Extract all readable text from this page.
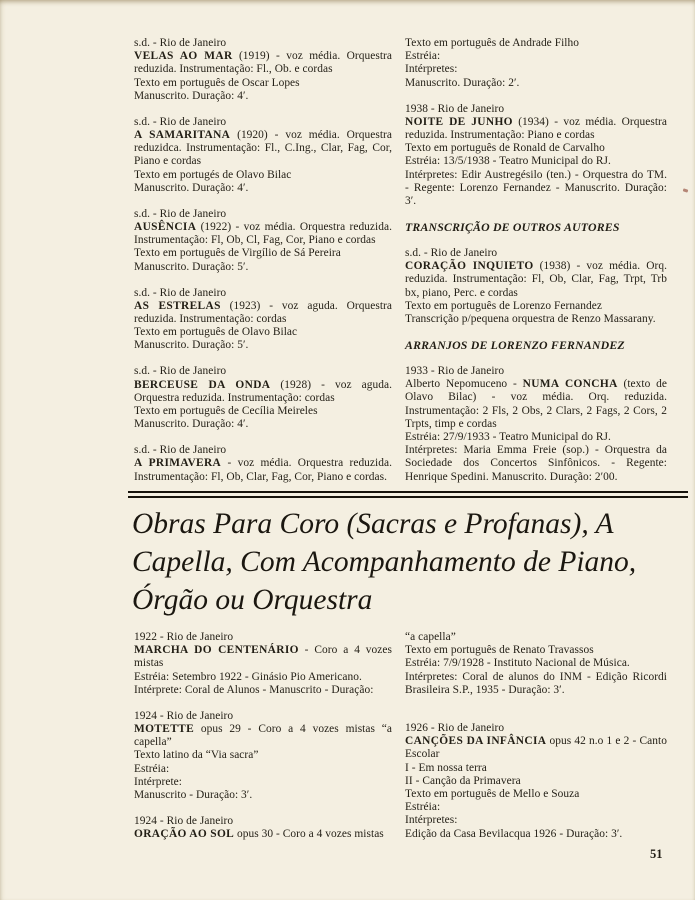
s.d. - Rio de Janeiro
VELAS AO MAR (1919) - voz média. Orquestra reduzida. Instrumentação: Fl., Ob. e cordas
Texto em português de Oscar Lopes
Manuscrito. Duração: 4′.
s.d. - Rio de Janeiro
A SAMARITANA (1920) - voz média. Orquestra reduzidca. Instrumentação: Fl., C.Ing., Clar, Fag, Cor, Piano e cordas
Texto em portugés de Olavo Bilac
Manuscrito. Duração: 4′.
s.d. - Rio de Janeiro
AUSÊNCIA (1922) - voz média. Orquestra reduzida. Instrumentação: Fl, Ob, Cl, Fag, Cor, Piano e cordas
Texto em português de Virgílio de Sá Pereira
Manuscrito. Duração: 5′.
s.d. - Rio de Janeiro
AS ESTRELAS (1923) - voz aguda. Orquestra reduzida. Instrumentação: cordas
Texto em português de Olavo Bilac
Manuscrito. Duração: 5′.
s.d. - Rio de Janeiro
BERCEUSE DA ONDA (1928) - voz aguda. Orquestra reduzida. Instrumentação: cordas
Texto em português de Cecília Meireles
Manuscrito. Duração: 4′.
s.d. - Rio de Janeiro
A PRIMAVERA - voz média. Orquestra reduzida. Instrumentação: Fl, Ob, Clar, Fag, Cor, Piano e cordas.
Texto em português de Andrade Filho
Estréia:
Intérpretes:
Manuscrito. Duração: 2′.
1938 - Rio de Janeiro
NOITE DE JUNHO (1934) - voz média. Orquestra reduzida. Instrumentação: Piano e cordas
Texto em português de Ronald de Carvalho
Estréia: 13/5/1938 - Teatro Municipal do RJ.
Intérpretes: Edir Austregésilo (ten.) - Orquestra do TM. - Regente: Lorenzo Fernandez - Manuscrito. Duração: 3′.
TRANSCRIÇÃO DE OUTROS AUTORES
s.d. - Rio de Janeiro
CORAÇÃO INQUIETO (1938) - voz média. Orq. reduzida. Instrumentação: Fl, Ob, Clar, Fag, Trpt, Trb bx, piano, Perc. e cordas
Texto em português de Lorenzo Fernandez
Transcrição p/pequena orquestra de Renzo Massarany.
ARRANJOS DE LORENZO FERNANDEZ
1933 - Rio de Janeiro
Alberto Nepomuceno - NUMA CONCHA (texto de Olavo Bilac) - voz média. Orq. reduzida. Instrumentação: 2 Fls, 2 Obs, 2 Clars, 2 Fags, 2 Cors, 2 Trpts, timp e cordas
Estréia: 27/9/1933 - Teatro Municipal do RJ.
Intérpretes: Maria Emma Freie (sop.) - Orquestra da Sociedade dos Concertos Sinfônicos. - Regente: Henrique Spedini. Manuscrito. Duração: 2′00.
Obras Para Coro (Sacras e Profanas), A
Capella, Com Acompanhamento de Piano,
Órgão ou Orquestra
1922 - Rio de Janeiro
MARCHA DO CENTENÁRIO - Coro a 4 vozes mistas
Estréia: Setembro 1922 - Ginásio Pio Americano.
Intérprete: Coral de Alunos - Manuscrito - Duração:
1924 - Rio de Janeiro
MOTETTE opus 29 - Coro a 4 vozes mistas “a capella”
Texto latino da “Via sacra”
Estréia:
Intérprete:
Manuscrito - Duração: 3′.
1924 - Rio de Janeiro
ORAÇÃO AO SOL opus 30 - Coro a 4 vozes mistas
“a capella”
Texto em português de Renato Travassos
Estréia: 7/9/1928 - Instituto Nacional de Música.
Intérpretes: Coral de alunos do INM - Edição Ricordi Brasileira S.P., 1935 - Duração: 3′.
1926 - Rio de Janeiro
CANÇÕES DA INFÂNCIA opus 42 n.o 1 e 2 - Canto Escolar
I - Em nossa terra
II - Canção da Primavera
Texto em português de Mello e Souza
Estréia:
Intérpretes:
Edição da Casa Bevilacqua 1926 - Duração: 3′.
51
